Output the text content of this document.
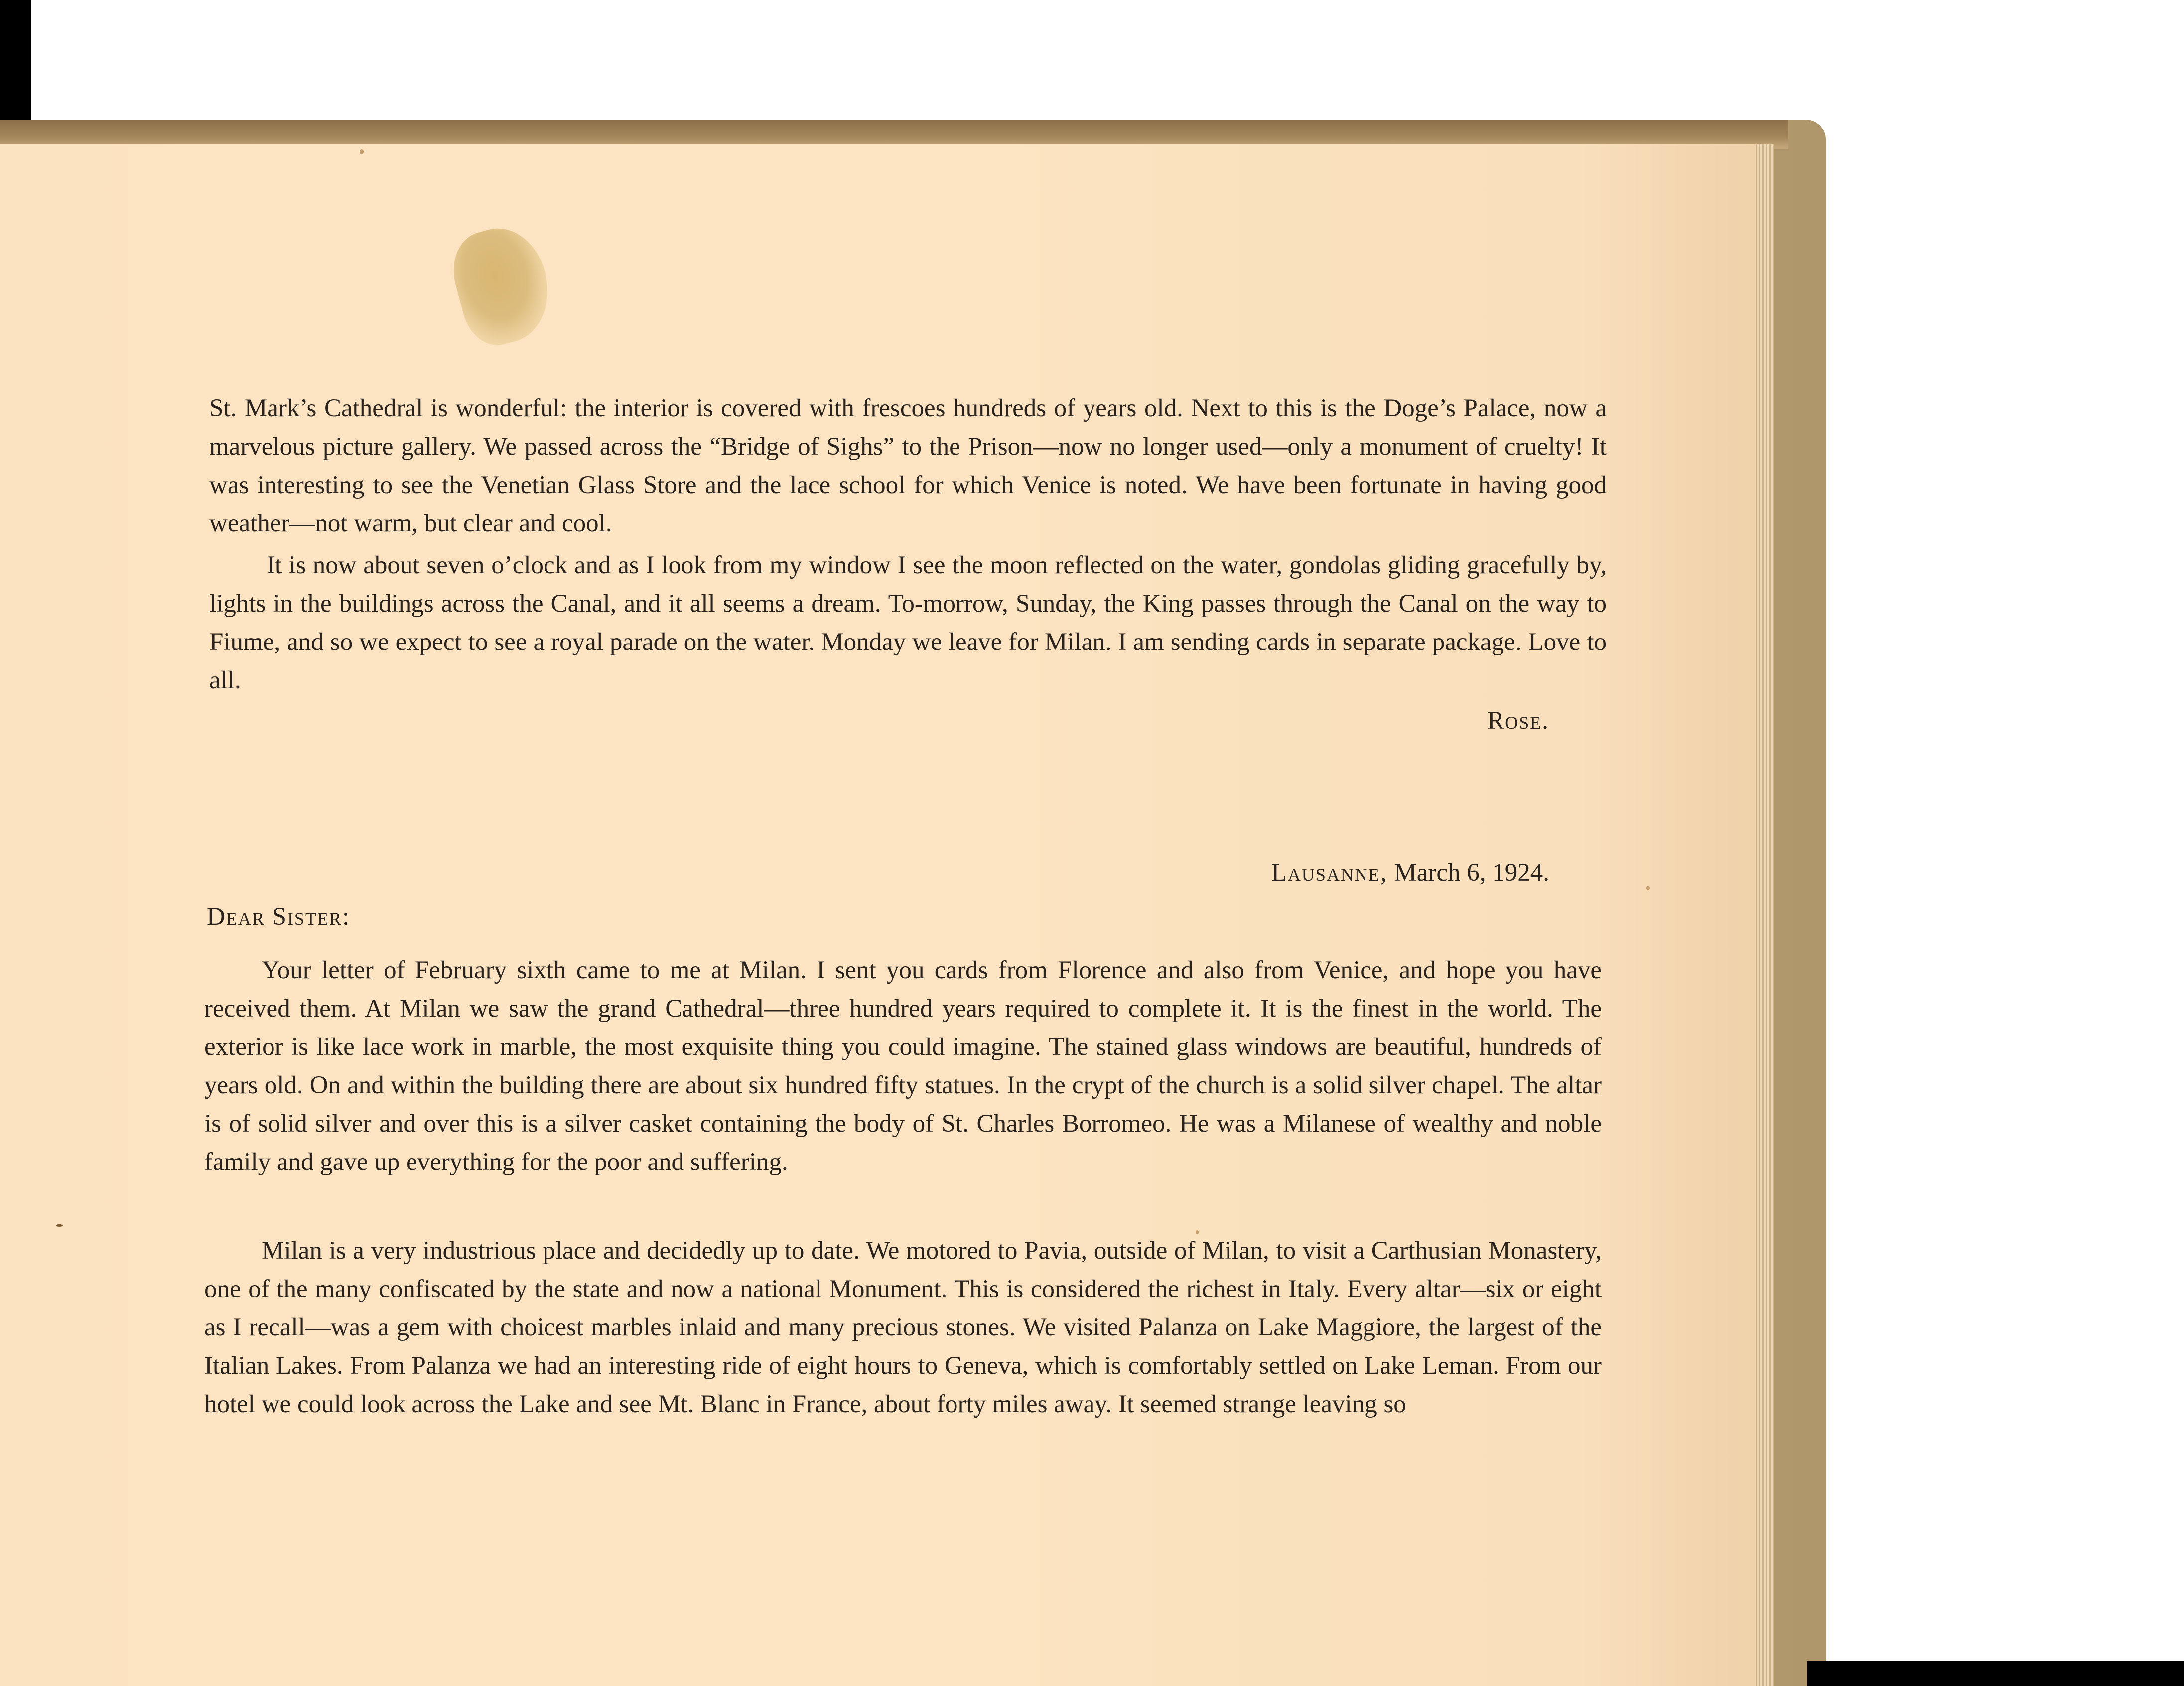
St. Mark’s Cathedral is wonderful: the interior is covered with frescoes hundreds of years old. Next to this is the Doge’s Palace, now a marvelous picture gallery. We passed across the “Bridge of Sighs” to the Prison—now no longer used—only a monument of cruelty! It was interesting to see the Venetian Glass Store and the lace school for which Venice is noted. We have been fortunate in having good weather—not warm, but clear and cool.

It is now about seven o’clock and as I look from my window I see the moon reflected on the water, gondolas gliding gracefully by, lights in the buildings across the Canal, and it all seems a dream. To-morrow, Sunday, the King passes through the Canal on the way to Fiume, and so we expect to see a royal parade on the water. Monday we leave for Milan. I am sending cards in separate package. Love to all.

Rose.
Lausanne, March 6, 1924.
Dear Sister:

Your letter of February sixth came to me at Milan. I sent you cards from Florence and also from Venice, and hope you have received them. At Milan we saw the grand Cathedral—three hundred years required to complete it. It is the finest in the world. The exterior is like lace work in marble, the most exquisite thing you could imagine. The stained glass windows are beautiful, hundreds of years old. On and within the building there are about six hundred fifty statues. In the crypt of the church is a solid silver chapel. The altar is of solid silver and over this is a silver casket containing the body of St. Charles Borromeo. He was a Milanese of wealthy and noble family and gave up everything for the poor and suffering.

Milan is a very industrious place and decidedly up to date. We motored to Pavia, outside of Milan, to visit a Carthusian Monastery, one of the many confiscated by the state and now a national Monument. This is considered the richest in Italy. Every altar—six or eight as I recall—was a gem with choicest marbles inlaid and many precious stones. We visited Palanza on Lake Maggiore, the largest of the Italian Lakes. From Palanza we had an interesting ride of eight hours to Geneva, which is comfortably settled on Lake Leman. From our hotel we could look across the Lake and see Mt. Blanc in France, about forty miles away. It seemed strange leaving so
